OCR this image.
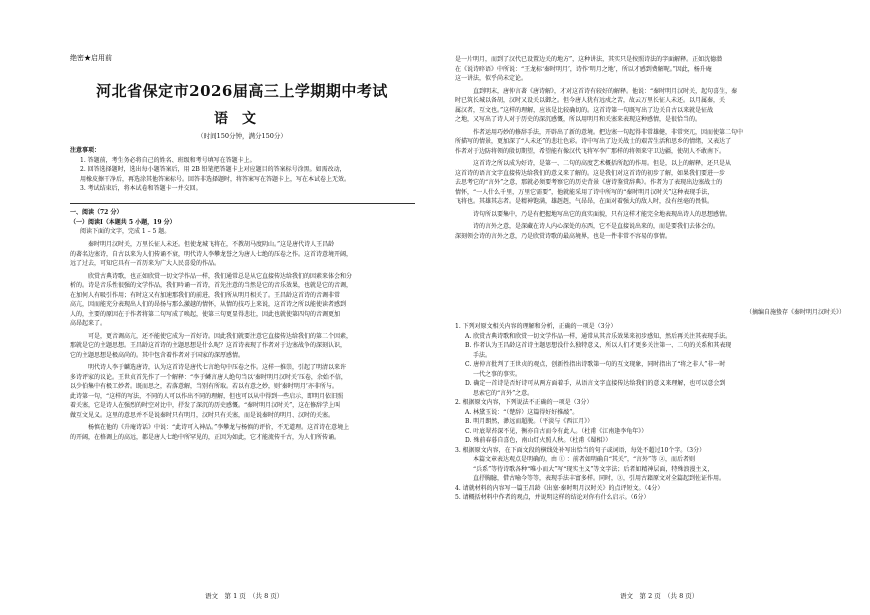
绝密★启用前
河北省保定市2026届高三上学期期中考试
语文
（时间150分钟，满分150分）
注意事项：
1. 答题前，考生务必将自己的姓名、班级和考号填写在答题卡上。
2. 回答选择题时，选出每小题答案后，用 2B 铅笔把答题卡上对应题目的答案标号涂黑。如需改动，
用橡皮擦干净后，再选涂其他答案标号。回答非选择题时，将答案写在答题卡上，写在本试卷上无效。
3. 考试结束后，将本试卷和答题卡一并交回。
一、阅读（72 分）
（一）阅读Ⅰ（本题共 5 小题，19 分）
阅读下面的文字，完成 1 – 5 题。
秦时明月汉时关，万里长征人未还。但使龙城飞将在，不教胡马度阴山。”这是唐代诗人王昌龄
的著名边塞诗，自古以来为人们传诵不衰，明代诗人李攀龙誉之为唐人七绝的压卷之作。这首诗意境开阔，
远了过去，可知它具有一首历来为广大人民喜爱的作品。
欣赏古典诗歌，也正如欣赏一切文学作品一样，我们通常总是从它直接传达给我们的因素来体会和分
析的。诗是音乐性很强的文学作品，我们吟诵一首诗，首先注意的当然是它的音乐效果，也就是它的音调，
在加何人有吸引作用；有时这又有加速那我们的前进，我们所从明月相关了。王昌龄这首诗的音调非常
高亢，因而能充分表现出人们的昂扬与那么激越的情怀，从情的技巧上来说，这首诗之所以能使读者感到
人的，主要的原因在于作者将第二句写成了唤起，使第三句更显得悲壮，因此也就使第四句的音调更加
高昂起来了。
可是，更音调高亢，还不能使它成为一首好诗。因此我们就要注意它直接传达给我们的第二个因素，
那就是它的主题思想。王昌龄这首诗的主题思想是什么呢？这首诗表现了作者对于边塞战争的深刻认识，
它的主题思想是极高尚的。其中包含着作者对于国家的深厚感情。
明代诗人李于麟选唐诗，认为这首诗是唐代七言绝句中压卷之作。这样一推崇，引起了明清以来许
多诗评家的议论。王世贞首先作了一个解释：“李于鳞言唐人绝句当以‘秦时明月汉时关’压卷，余始不信，
以少伯集中有极工妙者。既而思之，若落意解，当别有所取。若以有意之妙，则‘秦时明月’亦非所与。
此诗第一句，“这样的写法，不同的人可以作出不同的理解，但也可以从中得到一些启示，即明月依旧照
着关塞，它是诗人在强烈的时空对比中，抒发了深沉的历史感慨。“秦时明月汉时关”，这在修辞学上叫
做互文见义。这里的意思并不是说秦时只有明月，汉时只有关塞，而是说秦时的明月、汉时的关塞。
杨慎在他的《升庵诗话》中说：“此诗可入神品。”李攀龙与杨慎的评价，不无道理。这首诗在意境上
的开阔，在格调上的高远，都是唐人七绝中所罕见的，正因为如此，它才能流传千古，为人们所传诵。
语文　第 1 页　（共 8 页）
是一片明月，而到了汉代已设置边关的地方”，这种讲法，其实只是按照诗法的字面解释。正如沈德潜
在《说诗晬语》中所说：“王龙标‘秦时明月’，诗作‘明月之地’，所以才感到费解呢。”因此，杨升庵
这一讲法，似乎尚未定论。
直到明末，唐仲言著《唐诗解》，才对这首诗有较好的解释。他说：“秦时明月汉时关，起句喜生，秦
时已筑长城以备胡，汉时又设关以御之。但今唐人犹有远戍之苦，故云万里长征人未还。以月属秦，关
属汉者，互文也。”这样的理解，应该是比较确切的。这首诗第一句既写出了边关自古以来就是征战
之地，又写出了诗人对于历史的深沉感慨，所以用明月和关塞来表现这种感情，是很恰当的。
作者运用巧妙的修辞手法，开辟出了新的意境。把边塞一句起得非常雄健，非常突兀，因而使第二句中
所描写的情景，更加深了“人未还”的悲壮色彩。诗中写出了边关战士的艰苦生活和思乡的情绪，又表达了
作者对于边防将领的殷切期望，希望能有像汉代飞将军李广那样的将领来守卫边疆，使胡人不敢南下。
这首诗之所以成为好诗，是第一、二句的高度艺术概括所起的作用。但是，以上的解释，还只是从
这首诗的语言文字直接传达给我们的意义来了解的。这是我们对这首诗的初步了解，如果我们要进一步
去思考它的“言外”之意，那就必须要考察它的历史背景《唐诗鉴赏辞典》。作者为了表现出边塞战士的
情怀，“一人什么千里，万里它需要”，他就能采用了诗中所写的“秦时明月汉时关”这种表现手法，
飞将也。其雄其志者。是精神饱满，雄赳赳，气昂昂，在面对着强大的敌人时，没有丝毫的畏惧。
诗句所以要集中，乃是有把握地写出它的真实面貌，只有这样才能完全地表现出诗人的思想感情。
诗的言外之意，是深藏在诗人内心深处的东西，它不是直接说出来的，而是要我们去体会的。
深刻领会诗的言外之意，乃是欣赏诗歌的最高境界，也是一件非常不容易的事情。
（摘编自施蛰存《秦时明月汉时关》）
1. 下列对原文相关内容的理解和分析，正确的一项是（3分）
A. 欣赏古典诗歌和欣赏一切文学作品一样，通常从其音乐效果来初步感知，然后再关注其表现手法。
B. 作者认为王昌龄这首诗主题思想没什么独特意义，所以人们才更多关注第一、二句的关系和其表现
手法。
C. 唐仲言批判了王世贞的观点，创新性指出诗歌第一句的互文现象，同时指出了“将之非人”非一时
一代之事的事实。
D. 确定一首诗是否好诗可从两方面着手，从语言文字直接传达给我们的意义来理解，也可以意会到
思索它的“言外”之意。
2. 根据原文内容，下列说法不正确的一项是（3分）
A. 林黛玉说：“（楚辞）这篇得好好推敲”。
B. 明月朗然，渺远而超脱。（平淡与《西江月》）
C. 叶底翠苔深不见，衡亦自古而今有此人。（杜甫《江南逢李龟年》）
D. 殊前春暮自喜色，南山灯火照人秋。（杜甫《蜀相》）
3. 根据原文内容，在下面文段的横线处补写出恰当的句子或词语，每处不超过10个字。（3分）
本篇文章表达观点是明确的，由 ① ：前者如明确自“其关”，“言外”等 ②，而后者则
“兵系”等待诗歌各种“唯小而大”写“现实主义”等文字法；后者如精神层面，特殊浪漫主义，
直抒胸臆，借古喻今等等，表现手法丰富多样。同时，③，引用古籍原文对全篇起到佐证作用。
4. 请就材料的内容写一篇王昌龄《出塞·秦时明月汉时关》的点评短文。（4分）
5. 请概括材料中作者的观点，并说明这样的结论对你有什么启示。（6分）
语文　第 2 页　（共 8 页）
